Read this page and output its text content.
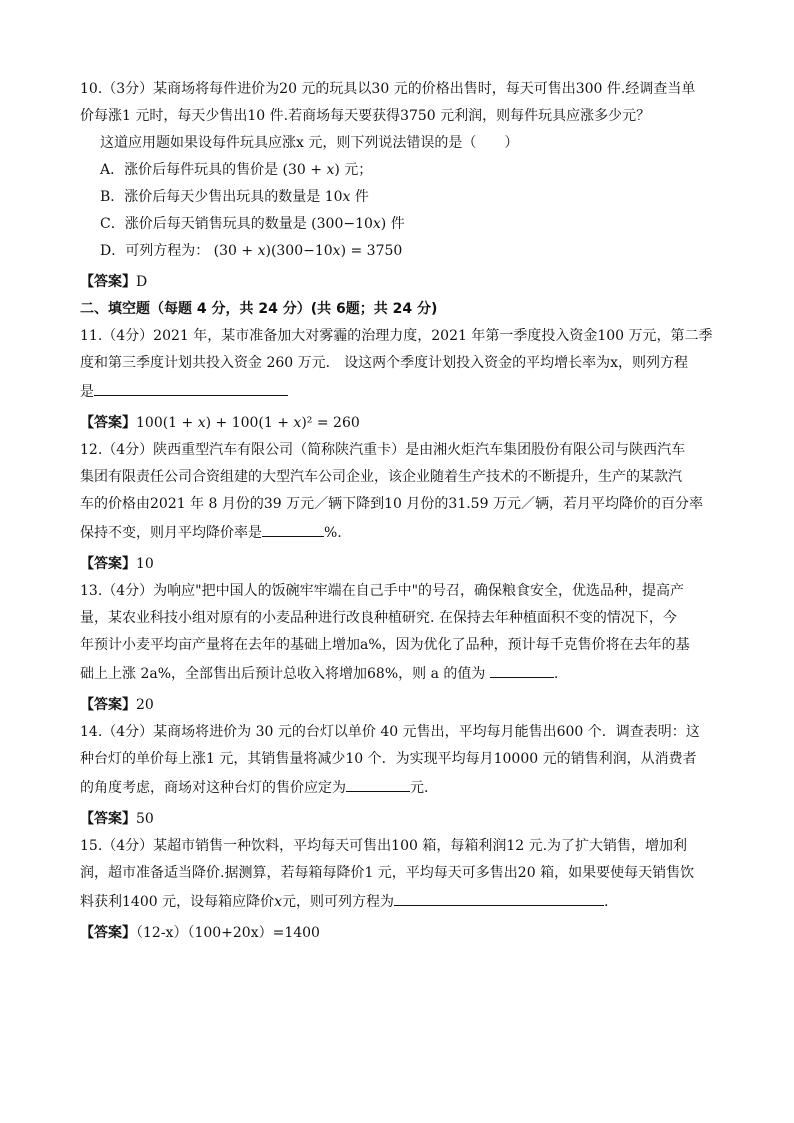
10.（3分）某商场将每件进价为20 元的玩具以30 元的价格出售时，每天可售出300 件.经调查当单
价每涨1 元时，每天少售出10 件.若商场每天要获得3750 元利润，则每件玩具应涨多少元？
这道应用题如果设每件玩具应涨x 元，则下列说法错误的是（　　）
A．涨价后每件玩具的售价是 (30 + 𝑥) 元；
B．涨价后每天少售出玩具的数量是 10𝑥 件
C．涨价后每天销售玩具的数量是 (300−10𝑥) 件
D．可列方程为： (30 + 𝑥)(300−10𝑥) = 3750
【答案】D
二、填空题（每题 4 分，共 24 分）(共 6题；共 24 分)
11.（4分）2021 年，某市准备加大对雾霾的治理力度，2021 年第一季度投入资金100 万元，第二季
度和第三季度计划共投入资金 260 万元． 设这两个季度计划投入资金的平均增长率为x，则列方程
是
【答案】100(1 + 𝑥) + 100(1 + 𝑥)² = 260
12.（4分）陕西重型汽车有限公司（简称陕汽重卡）是由湘火炬汽车集团股份有限公司与陕西汽车
集团有限责任公司合资组建的大型汽车公司企业，该企业随着生产技术的不断提升，生产的某款汽
车的价格由2021 年 8 月份的39 万元／辆下降到10 月份的31.59 万元／辆，若月平均降价的百分率
保持不变，则月平均降价率是	%.
【答案】10
13.（4分）为响应"把中国人的饭碗牢牢端在自己手中"的号召，确保粮食安全，优选品种，提高产
量，某农业科技小组对原有的小麦品种进行改良种植研究. 在保持去年种植面积不变的情况下，今
年预计小麦平均亩产量将在去年的基础上增加a%，因为优化了品种，预计每千克售价将在去年的基
础上上涨 2a%，全部售出后预计总收入将增加68%，则 a 的值为	.
【答案】20
14.（4分）某商场将进价为 30 元的台灯以单价 40 元售出，平均每月能售出600 个．调查表明：这
种台灯的单价每上涨1 元，其销售量将减少10 个．为实现平均每月10000 元的销售利润，从消费者
的角度考虑，商场对这种台灯的售价应定为	元．
【答案】50
15.（4分）某超市销售一种饮料，平均每天可售出100 箱，每箱利润12 元.为了扩大销售，增加利
润，超市准备适当降价.据测算，若每箱每降价1 元，平均每天可多售出20 箱，如果要使每天销售饮
料获利1400 元，设每箱应降价𝑥元，则可列方程为	.
【答案】（12-x）（100+20x）=1400
